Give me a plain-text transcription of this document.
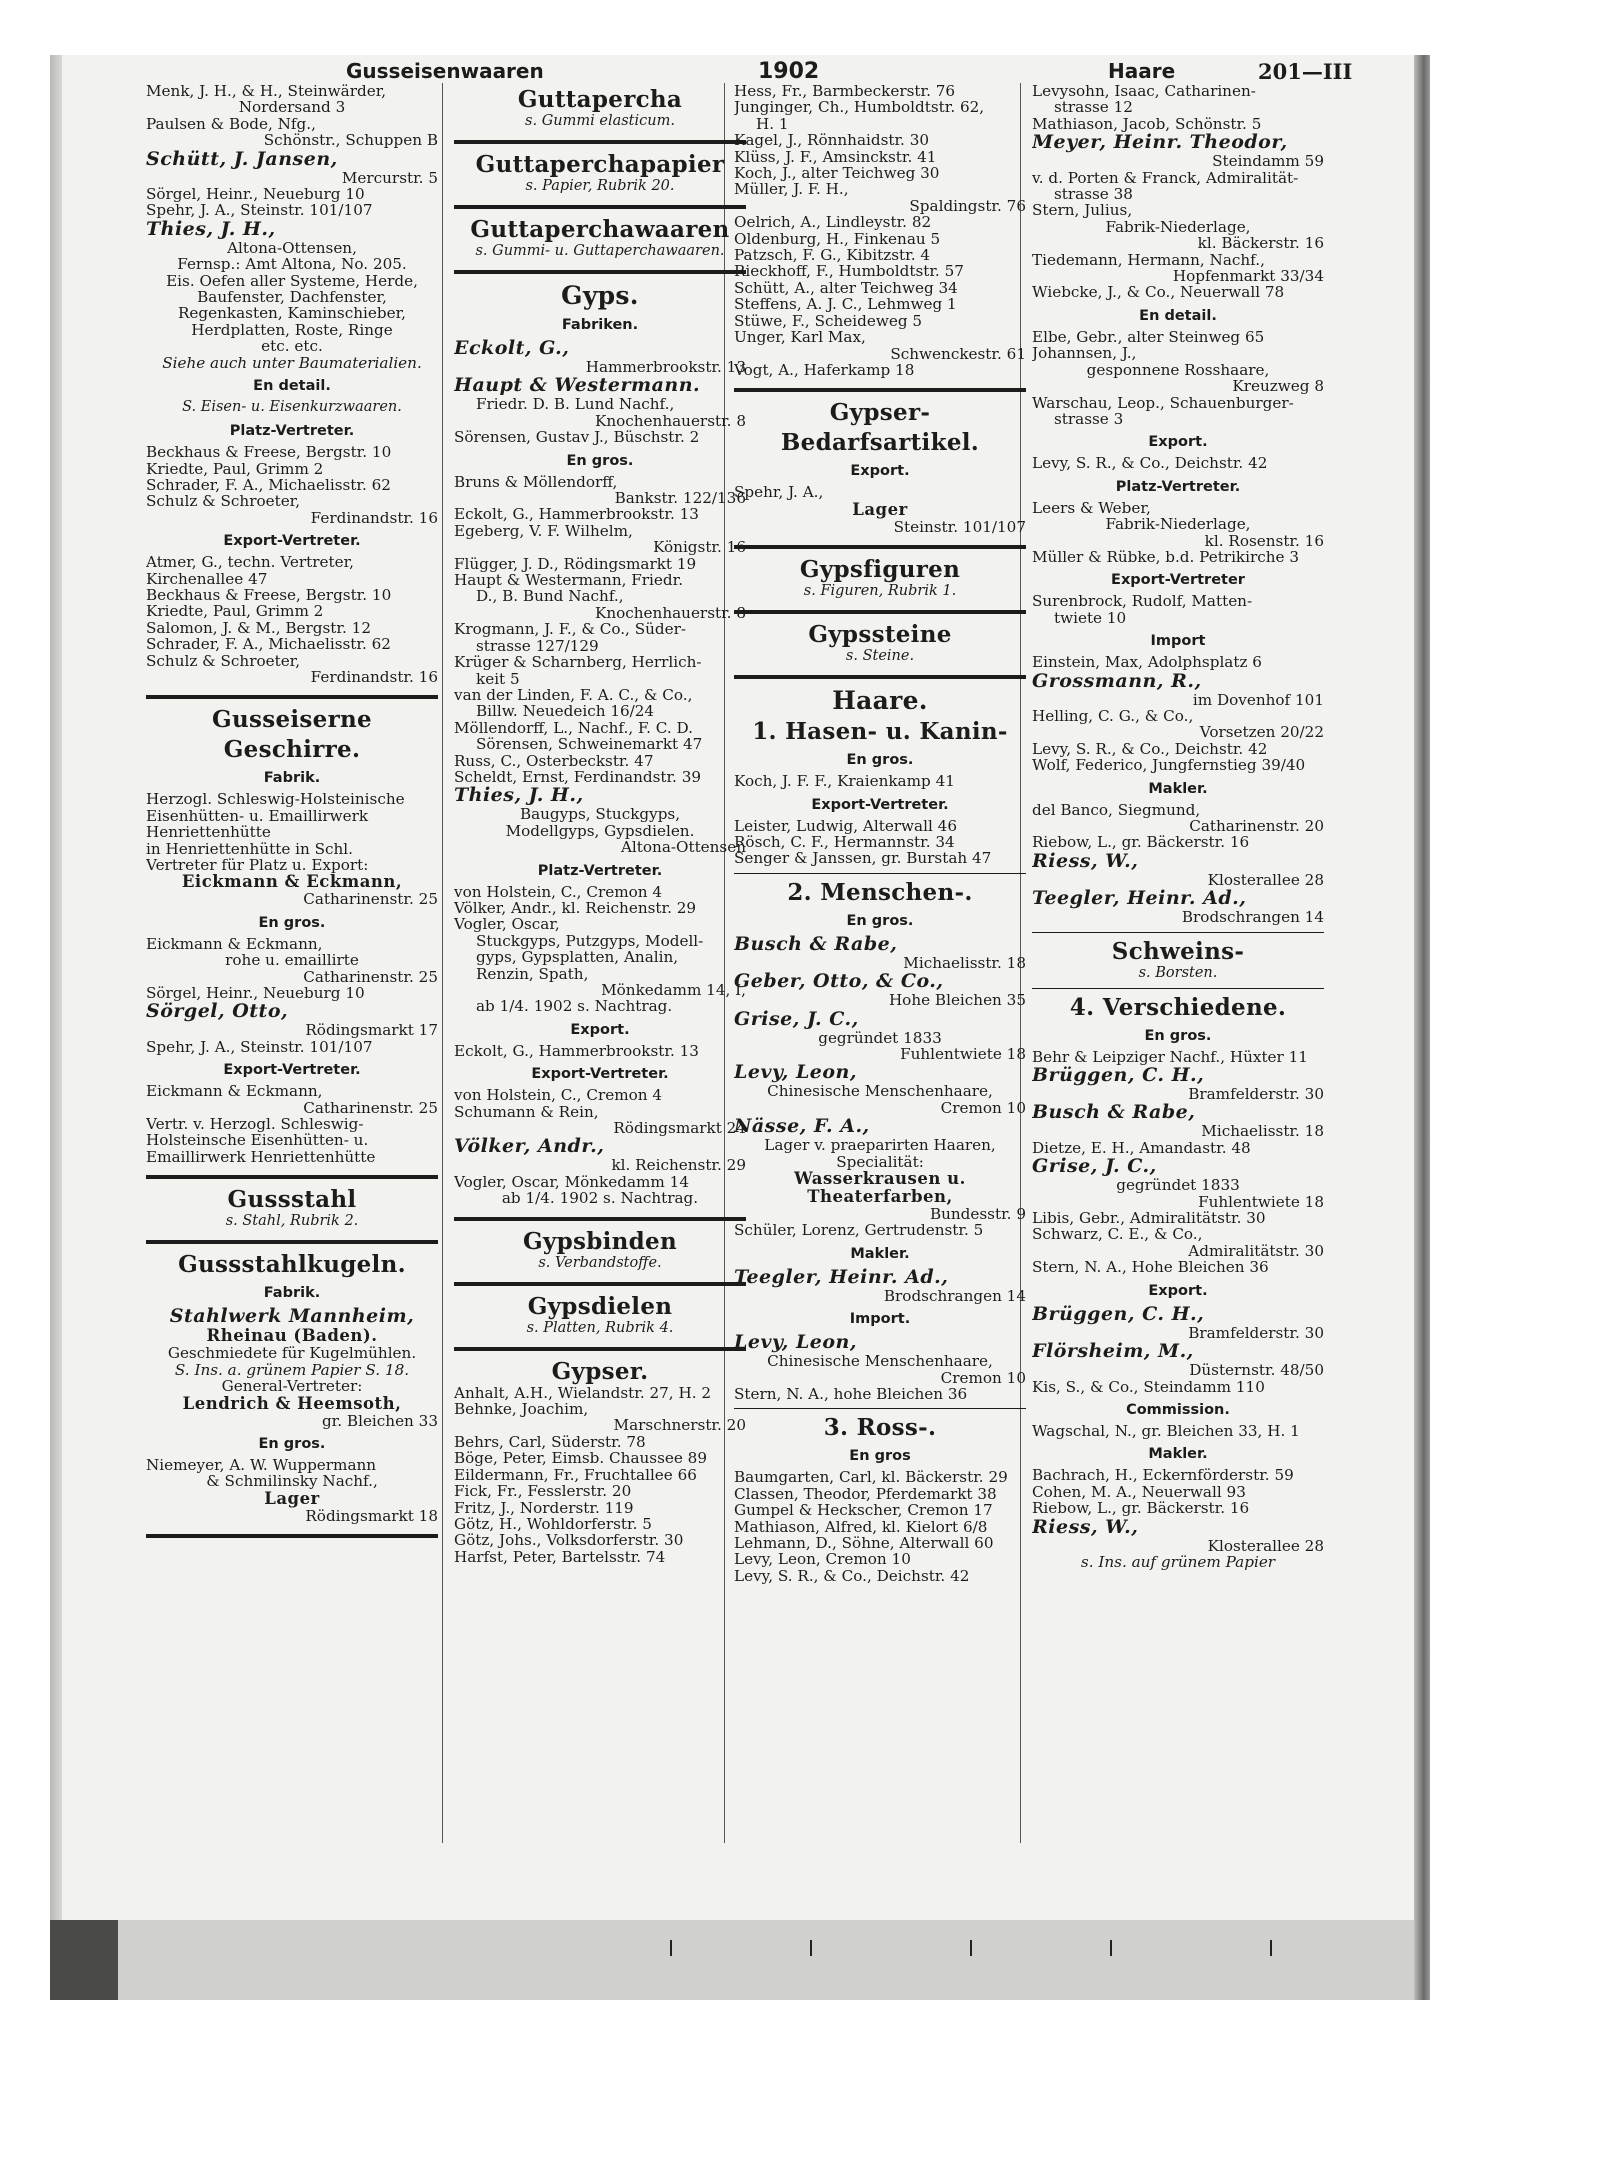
Gusseisenwaaren	1902	Haare	201—III
Menk, J. H., & H., Steinwärder,
Nordersand 3
Paulsen & Bode, Nfg.,
Schönstr., Schuppen B
Schütt, J. Jansen,
Mercurstr. 5
Sörgel, Heinr., Neueburg 10
Spehr, J. A., Steinstr. 101/107
Thies, J. H.,
Altona-Ottensen,
Fernsp.: Amt Altona, No. 205.
Eis. Oefen aller Systeme, Herde,
Baufenster, Dachfenster,
Regenkasten, Kaminschieber,
Herdplatten, Roste, Ringe
etc. etc.
Siehe auch unter Baumaterialien.
En detail.
S. Eisen- u. Eisenkurzwaaren.
Platz-Vertreter.
Beckhaus & Freese, Bergstr. 10
Kriedte, Paul, Grimm 2
Schrader, F. A., Michaelisstr. 62
Schulz & Schroeter,
Ferdinandstr. 16
Export-Vertreter.
Atmer, G., techn. Vertreter,
Kirchenallee 47
Beckhaus & Freese, Bergstr. 10
Kriedte, Paul, Grimm 2
Salomon, J. & M., Bergstr. 12
Schrader, F. A., Michaelisstr. 62
Schulz & Schroeter,
Ferdinandstr. 16
Gusseiserne
Geschirre.
Fabrik.
Herzogl. Schleswig-Holsteinische
Eisenhütten- u. Emaillirwerk
Henriettenhütte
in Henriettenhütte in Schl.
Vertreter für Platz u. Export:
Eickmann & Eckmann,
Catharinenstr. 25
En gros.
Eickmann & Eckmann,
rohe u. emaillirte
Catharinenstr. 25
Sörgel, Heinr., Neueburg 10
Sörgel, Otto,
Rödingsmarkt 17
Spehr, J. A., Steinstr. 101/107
Export-Vertreter.
Eickmann & Eckmann,
Catharinenstr. 25
Vertr. v. Herzogl. Schleswig-
Holsteinsche Eisenhütten- u.
Emaillirwerk Henriettenhütte
Gussstahl
s. Stahl, Rubrik 2.
Gussstahlkugeln.
Fabrik.
Stahlwerk Mannheim,
Rheinau (Baden).
Geschmiedete für Kugelmühlen.
S. Ins. a. grünem Papier S. 18.
General-Vertreter:
Lendrich & Heemsoth,
gr. Bleichen 33
En gros.
Niemeyer, A. W. Wuppermann
& Schmilinsky Nachf.,
Lager
Rödingsmarkt 18
Guttapercha
s. Gummi elasticum.
Guttaperchapapier
s. Papier, Rubrik 20.
Guttaperchawaaren
s. Gummi- u. Guttaperchawaaren.
Gyps.
Fabriken.
Eckolt, G.,
Hammerbrookstr. 13
Haupt & Westermann.
Friedr. D. B. Lund Nachf.,
Knochenhauerstr. 8
Sörensen, Gustav J., Büschstr. 2
En gros.
Bruns & Möllendorff,
Bankstr. 122/136
Eckolt, G., Hammerbrookstr. 13
Egeberg, V. F. Wilhelm,
Königstr. 16
Flügger, J. D., Rödingsmarkt 19
Haupt & Westermann, Friedr.
D., B. Bund Nachf.,
Knochenhauerstr. 8
Krogmann, J. F., & Co., Süder-
strasse 127/129
Krüger & Scharnberg, Herrlich-
keit 5
van der Linden, F. A. C., & Co.,
Billw. Neuedeich 16/24
Möllendorff, L., Nachf., F. C. D.
Sörensen, Schweinemarkt 47
Russ, C., Osterbeckstr. 47
Scheldt, Ernst, Ferdinandstr. 39
Thies, J. H.,
Baugyps, Stuckgyps,
Modellgyps, Gypsdielen.
Altona-Ottensen
Platz-Vertreter.
von Holstein, C., Cremon 4
Völker, Andr., kl. Reichenstr. 29
Vogler, Oscar,
Stuckgyps, Putzgyps, Modell-
gyps, Gypsplatten, Analin,
Renzin, Spath,
Mönkedamm 14, I,
ab 1/4. 1902 s. Nachtrag.
Export.
Eckolt, G., Hammerbrookstr. 13
Export-Vertreter.
von Holstein, C., Cremon 4
Schumann & Rein,
Rödingsmarkt 24
Völker, Andr.,
kl. Reichenstr. 29
Vogler, Oscar, Mönkedamm 14
ab 1/4. 1902 s. Nachtrag.
Gypsbinden
s. Verbandstoffe.
Gypsdielen
s. Platten, Rubrik 4.
Gypser.
Anhalt, A.H., Wielandstr. 27, H. 2
Behnke, Joachim,
Marschnerstr. 20
Behrs, Carl, Süderstr. 78
Böge, Peter, Eimsb. Chaussee 89
Eildermann, Fr., Fruchtallee 66
Fick, Fr., Fesslerstr. 20
Fritz, J., Norderstr. 119
Götz, H., Wohldorferstr. 5
Götz, Johs., Volksdorferstr. 30
Harfst, Peter, Bartelsstr. 74
Hess, Fr., Barmbeckerstr. 76
Junginger, Ch., Humboldtstr. 62,
H. 1
Kagel, J., Rönnhaidstr. 30
Klüss, J. F., Amsinckstr. 41
Koch, J., alter Teichweg 30
Müller, J. F. H.,
Spaldingstr. 76
Oelrich, A., Lindleystr. 82
Oldenburg, H., Finkenau 5
Patzsch, F. G., Kibitzstr. 4
Rieckhoff, F., Humboldtstr. 57
Schütt, A., alter Teichweg 34
Steffens, A. J. C., Lehmweg 1
Stüwe, F., Scheideweg 5
Unger, Karl Max,
Schwenckestr. 61
Vogt, A., Haferkamp 18
Gypser-
Bedarfsartikel.
Export.
Spehr, J. A.,
Lager
Steinstr. 101/107
Gypsfiguren
s. Figuren, Rubrik 1.
Gypssteine
s. Steine.
Haare.
1. Hasen- u. Kanin-
En gros.
Koch, J. F. F., Kraienkamp 41
Export-Vertreter.
Leister, Ludwig, Alterwall 46
Rösch, C. F., Hermannstr. 34
Senger & Janssen, gr. Burstah 47
2. Menschen-.
En gros.
Busch & Rabe,
Michaelisstr. 18
Geber, Otto, & Co.,
Hohe Bleichen 35
Grise, J. C.,
gegründet 1833
Fuhlentwiete 18
Levy, Leon,
Chinesische Menschenhaare,
Cremon 10
Nässe, F. A.,
Lager v. praeparirten Haaren,
Specialität:
Wasserkrausen u.
Theaterfarben,
Bundesstr. 9
Schüler, Lorenz, Gertrudenstr. 5
Makler.
Teegler, Heinr. Ad.,
Brodschrangen 14
Import.
Levy, Leon,
Chinesische Menschenhaare,
Cremon 10
Stern, N. A., hohe Bleichen 36
3. Ross-.
En gros
Baumgarten, Carl, kl. Bäckerstr. 29
Classen, Theodor, Pferdemarkt 38
Gumpel & Heckscher, Cremon 17
Mathiason, Alfred, kl. Kielort 6/8
Lehmann, D., Söhne, Alterwall 60
Levy, Leon, Cremon 10
Levy, S. R., & Co., Deichstr. 42
Levysohn, Isaac, Catharinen-
strasse 12
Mathiason, Jacob, Schönstr. 5
Meyer, Heinr. Theodor,
Steindamm 59
v. d. Porten & Franck, Admiralität-
strasse 38
Stern, Julius,
Fabrik-Niederlage,
kl. Bäckerstr. 16
Tiedemann, Hermann, Nachf.,
Hopfenmarkt 33/34
Wiebcke, J., & Co., Neuerwall 78
En detail.
Elbe, Gebr., alter Steinweg 65
Johannsen, J.,
gesponnene Rosshaare,
Kreuzweg 8
Warschau, Leop., Schauenburger-
strasse 3
Export.
Levy, S. R., & Co., Deichstr. 42
Platz-Vertreter.
Leers & Weber,
Fabrik-Niederlage,
kl. Rosenstr. 16
Müller & Rübke, b.d. Petrikirche 3
Export-Vertreter
Surenbrock, Rudolf, Matten-
twiete 10
Import
Einstein, Max, Adolphsplatz 6
Grossmann, R.,
im Dovenhof 101
Helling, C. G., & Co.,
Vorsetzen 20/22
Levy, S. R., & Co., Deichstr. 42
Wolf, Federico, Jungfernstieg 39/40
Makler.
del Banco, Siegmund,
Catharinenstr. 20
Riebow, L., gr. Bäckerstr. 16
Riess, W.,
Klosterallee 28
Teegler, Heinr. Ad.,
Brodschrangen 14
Schweins-
s. Borsten.
4. Verschiedene.
En gros.
Behr & Leipziger Nachf., Hüxter 11
Brüggen, C. H.,
Bramfelderstr. 30
Busch & Rabe,
Michaelisstr. 18
Dietze, E. H., Amandastr. 48
Grise, J. C.,
gegründet 1833
Fuhlentwiete 18
Libis, Gebr., Admiralitätstr. 30
Schwarz, C. E., & Co.,
Admiralitätstr. 30
Stern, N. A., Hohe Bleichen 36
Export.
Brüggen, C. H.,
Bramfelderstr. 30
Flörsheim, M.,
Düsternstr. 48/50
Kis, S., & Co., Steindamm 110
Commission.
Wagschal, N., gr. Bleichen 33, H. 1
Makler.
Bachrach, H., Eckernförderstr. 59
Cohen, M. A., Neuerwall 93
Riebow, L., gr. Bäckerstr. 16
Riess, W.,
Klosterallee 28
s. Ins. auf grünem Papier
